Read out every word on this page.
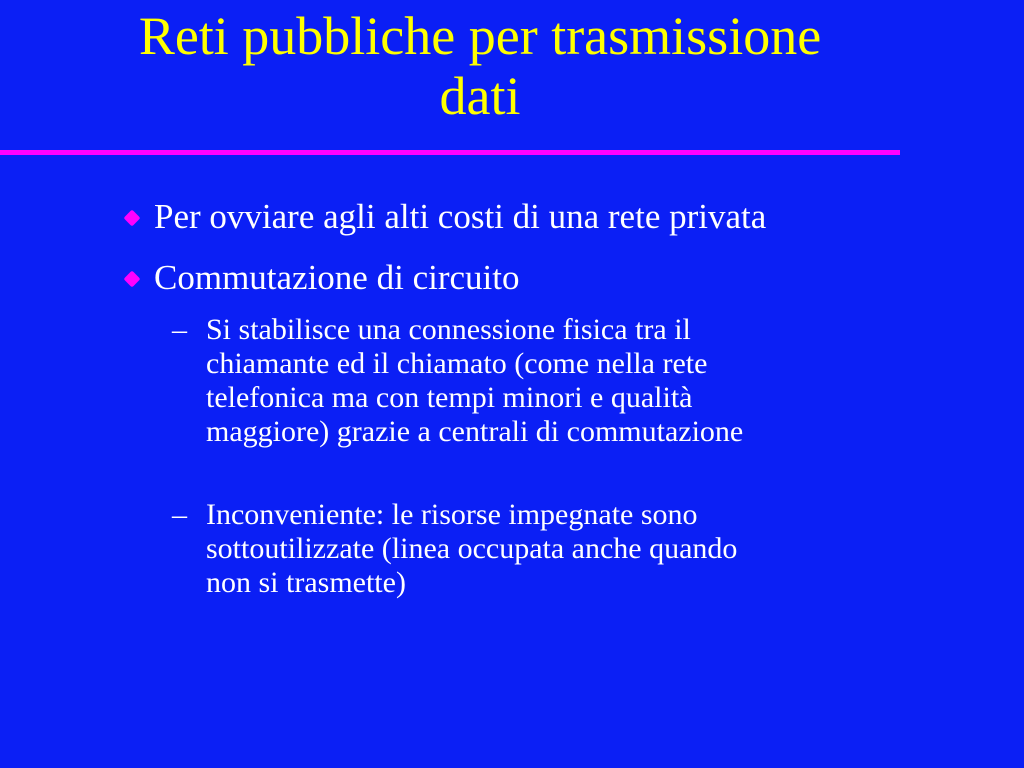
Reti pubbliche per trasmissione
dati
Per ovviare agli alti costi di una rete privata
Commutazione di circuito
– Si stabilisce una connessione fisica tra il
chiamante ed il chiamato (come nella rete
telefonica ma con tempi minori e qualità
maggiore) grazie a centrali di commutazione
– Inconveniente: le risorse impegnate sono
sottoutilizzate (linea occupata anche quando
non si trasmette)
